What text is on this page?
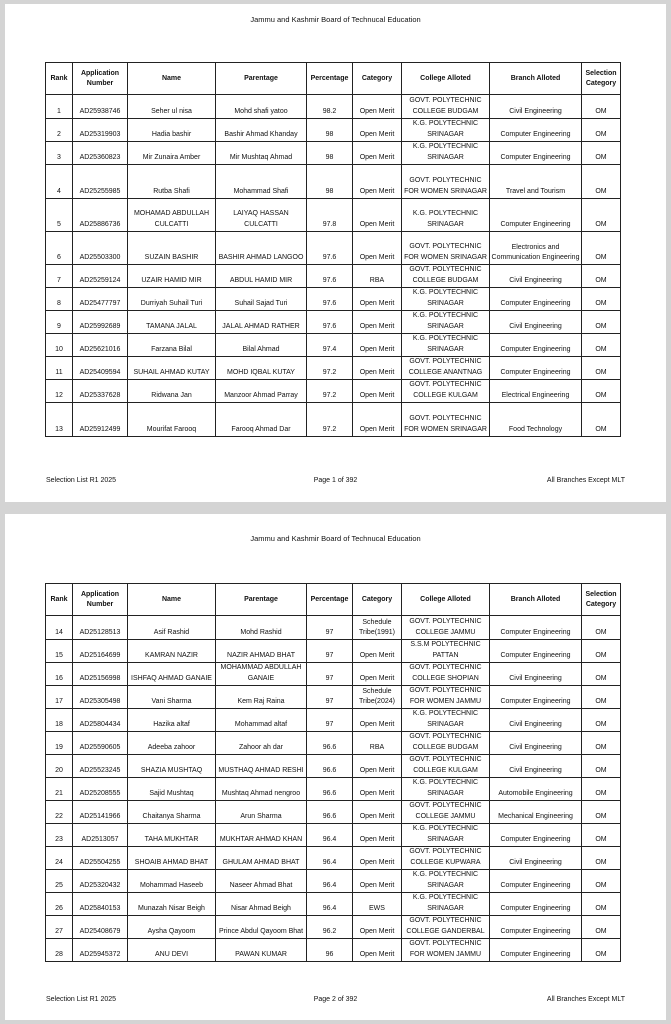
Jammu and Kashmir Board of Technucal Education
Rank	Application Number	Name	Parentage	Percentage	Category	College Alloted	Branch Alloted	Selection Category
1	AD25938746	Seher ul nisa	Mohd shafi yatoo	98.2	Open Merit	GOVT. POLYTECHNIC COLLEGE BUDGAM	Civil Engineering	OM
2	AD25319903	Hadia bashir	Bashir Ahmad Khanday	98	Open Merit	K.G. POLYTECHNIC SRINAGAR	Computer Engineering	OM
3	AD25360823	Mir Zunaira Amber	Mir Mushtaq Ahmad	98	Open Merit	K.G. POLYTECHNIC SRINAGAR	Computer Engineering	OM
4	AD25255985	Rutba Shafi	Mohammad Shafi	98	Open Merit	GOVT. POLYTECHNIC FOR WOMEN SRINAGAR	Travel and Tourism	OM
5	AD25886736	MOHAMAD ABDULLAH CULCATTI	LAIYAQ HASSAN CULCATTI	97.8	Open Merit	K.G. POLYTECHNIC SRINAGAR	Computer Engineering	OM
6	AD25503300	SUZAIN BASHIR	BASHIR AHMAD LANGOO	97.6	Open Merit	GOVT. POLYTECHNIC FOR WOMEN SRINAGAR	Electronics and Communication Engineering	OM
7	AD25259124	UZAIR HAMID MIR	ABDUL HAMID MIR	97.6	RBA	GOVT. POLYTECHNIC COLLEGE BUDGAM	Civil Engineering	OM
8	AD25477797	Durriyah Suhail Turi	Suhail Sajad Turi	97.6	Open Merit	K.G. POLYTECHNIC SRINAGAR	Computer Engineering	OM
9	AD25992689	TAMANA JALAL	JALAL AHMAD RATHER	97.6	Open Merit	K.G. POLYTECHNIC SRINAGAR	Civil Engineering	OM
10	AD25621016	Farzana Bilal	Bilal Ahmad	97.4	Open Merit	K.G. POLYTECHNIC SRINAGAR	Computer Engineering	OM
11	AD25409594	SUHAIL AHMAD KUTAY	MOHD IQBAL KUTAY	97.2	Open Merit	GOVT. POLYTECHNIC COLLEGE ANANTNAG	Computer Engineering	OM
12	AD25337628	Ridwana Jan	Manzoor Ahmad Parray	97.2	Open Merit	GOVT. POLYTECHNIC COLLEGE KULGAM	Electrical Engineering	OM
13	AD25912499	Mourifat Farooq	Farooq Ahmad Dar	97.2	Open Merit	GOVT. POLYTECHNIC FOR WOMEN SRINAGAR	Food Technology	OM
Selection List R1 2025	Page 1 of 392	All Branches Except MLT
Jammu and Kashmir Board of Technucal Education
Rank	Application Number	Name	Parentage	Percentage	Category	College Alloted	Branch Alloted	Selection Category
14	AD25128513	Asif Rashid	Mohd Rashid	97	Schedule Tribe(1991)	GOVT. POLYTECHNIC COLLEGE JAMMU	Computer Engineering	OM
15	AD25164699	KAMRAN NAZIR	NAZIR AHMAD BHAT	97	Open Merit	S.S.M POLYTECHNIC PATTAN	Computer Engineering	OM
16	AD25156998	ISHFAQ AHMAD GANAIE	MOHAMMAD ABDULLAH GANAIE	97	Open Merit	GOVT. POLYTECHNIC COLLEGE SHOPIAN	Civil Engineering	OM
17	AD25305498	Vani Sharma	Kem Raj Raina	97	Schedule Tribe(2024)	GOVT. POLYTECHNIC FOR WOMEN JAMMU	Computer Engineering	OM
18	AD25804434	Hazika altaf	Mohammad altaf	97	Open Merit	K.G. POLYTECHNIC SRINAGAR	Civil Engineering	OM
19	AD25590605	Adeeba zahoor	Zahoor ah dar	96.6	RBA	GOVT. POLYTECHNIC COLLEGE BUDGAM	Civil Engineering	OM
20	AD25523245	SHAZIA MUSHTAQ	MUSTHAQ AHMAD RESHI	96.6	Open Merit	GOVT. POLYTECHNIC COLLEGE KULGAM	Civil Engineering	OM
21	AD25208555	Sajid Mushtaq	Mushtaq Ahmad nengroo	96.6	Open Merit	K.G. POLYTECHNIC SRINAGAR	Automobile Engineering	OM
22	AD25141966	Chaitanya Sharma	Arun Sharma	96.6	Open Merit	GOVT. POLYTECHNIC COLLEGE JAMMU	Mechanical Engineering	OM
23	AD2513057	TAHA MUKHTAR	MUKHTAR AHMAD KHAN	96.4	Open Merit	K.G. POLYTECHNIC SRINAGAR	Computer Engineering	OM
24	AD25504255	SHOAIB AHMAD BHAT	GHULAM AHMAD BHAT	96.4	Open Merit	GOVT. POLYTECHNIC COLLEGE KUPWARA	Civil Engineering	OM
25	AD25320432	Mohammad Haseeb	Naseer Ahmad Bhat	96.4	Open Merit	K.G. POLYTECHNIC SRINAGAR	Computer Engineering	OM
26	AD25840153	Munazah Nisar Beigh	Nisar Ahmad Beigh	96.4	EWS	K.G. POLYTECHNIC SRINAGAR	Computer Engineering	OM
27	AD25408679	Aysha Qayoom	Prince Abdul Qayoom Bhat	96.2	Open Merit	GOVT. POLYTECHNIC COLLEGE GANDERBAL	Computer Engineering	OM
28	AD25945372	ANU DEVI	PAWAN KUMAR	96	Open Merit	GOVT. POLYTECHNIC FOR WOMEN JAMMU	Computer Engineering	OM
Selection List R1 2025	Page 2 of 392	All Branches Except MLT
